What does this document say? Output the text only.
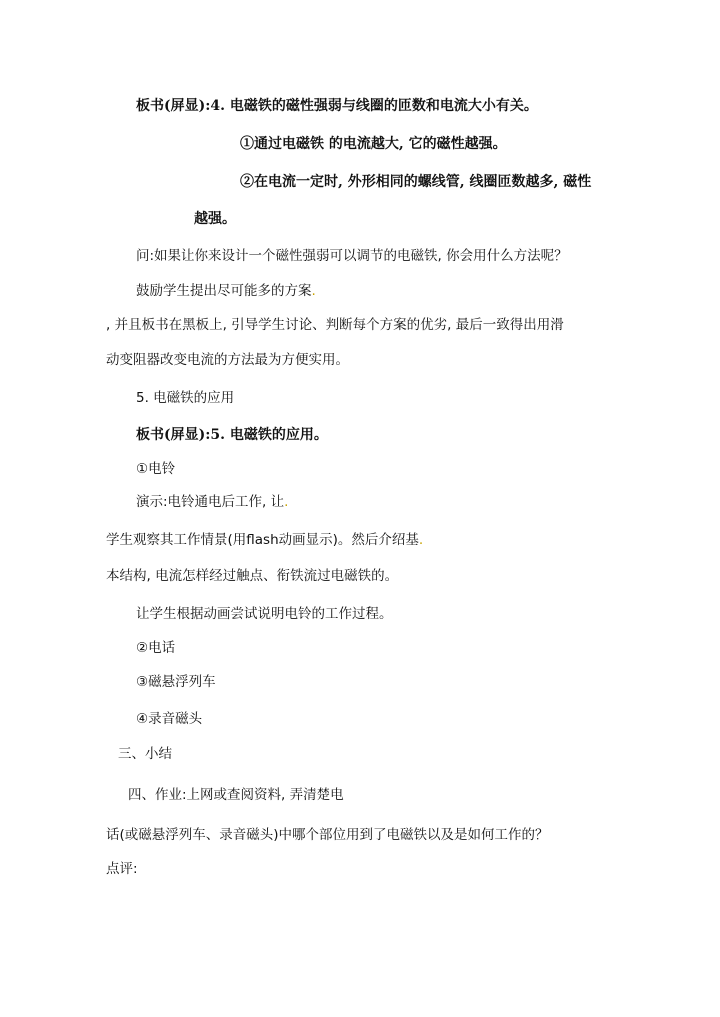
板书(屏显):4. 电磁铁的磁性强弱与线圈的匝数和电流大小有关。
①通过电磁铁 的电流越大, 它的磁性越强。
②在电流一定时, 外形相同的螺线管, 线圈匝数越多, 磁性
越强。
问:如果让你来设计一个磁性强弱可以调节的电磁铁, 你会用什么方法呢？
鼓励学生提出尽可能多的方案.
, 并且板书在黑板上, 引导学生讨论、判断每个方案的优劣, 最后一致得出用滑
动变阻器改变电流的方法最为方便实用。
5. 电磁铁的应用
板书(屏显):5. 电磁铁的应用。
①电铃
演示:电铃通电后工作, 让.
学生观察其工作情景(用flash动画显示)。然后介绍基.
本结构, 电流怎样经过触点、衔铁流过电磁铁的。
让学生根据动画尝试说明电铃的工作过程。
②电话
③磁悬浮列车
④录音磁头
三、小结
四、作业:上网或查阅资料, 弄清楚电
话(或磁悬浮列车、录音磁头)中哪个部位用到了电磁铁以及是如何工作的？
点评:
